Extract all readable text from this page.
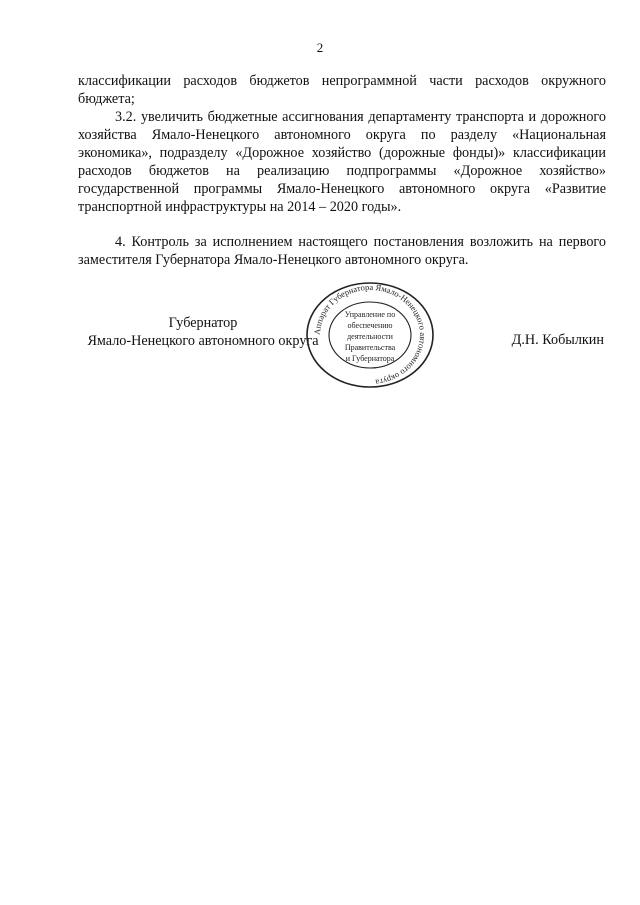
2
классификации расходов бюджетов непрограммной части расходов окружного бюджета;
3.2. увеличить бюджетные ассигнования департаменту транспорта и дорожного хозяйства Ямало-Ненецкого автономного округа по разделу «Национальная экономика», подразделу «Дорожное хозяйство (дорожные фонды)» классификации расходов бюджетов на реализацию подпрограммы «Дорожное хозяйство» государственной программы Ямало-Ненецкого автономного округа «Развитие транспортной инфраструктуры на 2014 – 2020 годы».
4. Контроль за исполнением настоящего постановления возложить на первого заместителя Губернатора Ямало-Ненецкого автономного округа.
Губернатор
Ямало-Ненецкого автономного округа
Аппарат Губернатора Ямало-Ненецкого автономного округа
Управление по
обеспечению
деятельности
Правительства
и Губернатора
Д.Н. Кобылкин
